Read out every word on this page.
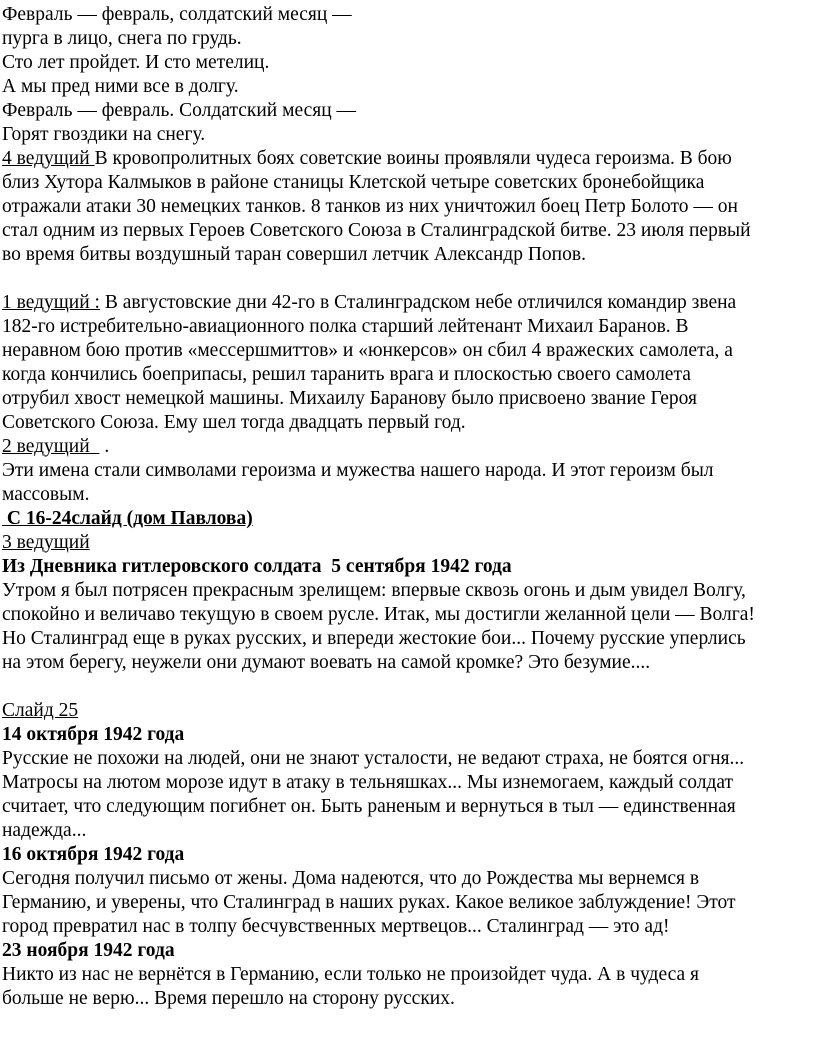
Февраль — февраль, солдатский месяц —
пурга в лицо, снега по грудь.
Сто лет пройдет. И сто метелиц.
А мы пред ними все в долгу.
Февраль — февраль. Солдатский месяц —
Горят гвоздики на снегу.
4 ведущий В кровопролитных боях советские воины проявляли чудеса героизма. В бою
близ Хутора Калмыков в районе станицы Клетской четыре советских бронебойщика
отражали атаки 30 немецких танков. 8 танков из них уничтожил боец Петр Болото — он
стал одним из первых Героев Советского Союза в Сталинградской битве. 23 июля первый
во время битвы воздушный таран совершил летчик Александр Попов.
1 ведущий : В августовские дни 42-го в Сталинградском небе отличился командир звена
182-го истребительно-авиационного полка старший лейтенант Михаил Баранов. В
неравном бою против «мессершмиттов» и «юнкерсов» он сбил 4 вражеских самолета, а
когда кончились боеприпасы, решил таранить врага и плоскостью своего самолета
отрубил хвост немецкой машины. Михаилу Баранову было присвоено звание Героя
Советского Союза. Ему шел тогда двадцать первый год.
2 ведущий   .
Эти имена стали символами героизма и мужества нашего народа. И этот героизм был
массовым.
С 16-24слайд (дом Павлова)
3 ведущий
Из Дневника гитлеровского солдата  5 сентября 1942 года
Утром я был потрясен прекрасным зрелищем: впервые сквозь огонь и дым увидел Волгу,
спокойно и величаво текущую в своем русле. Итак, мы достигли желанной цели — Волга!
Но Сталинград еще в руках русских, и впереди жестокие бои... Почему русские уперлись
на этом берегу, неужели они думают воевать на самой кромке? Это безумие....
Слайд 25
14 октября 1942 года
Русские не похожи на людей, они не знают усталости, не ведают страха, не боятся огня...
Матросы на лютом морозе идут в атаку в тельняшках... Мы изнемогаем, каждый солдат
считает, что следующим погибнет он. Быть раненым и вернуться в тыл — единственная
надежда...
16 октября 1942 года
Сегодня получил письмо от жены. Дома надеются, что до Рождества мы вернемся в
Германию, и уверены, что Сталинград в наших руках. Какое великое заблуждение! Этот
город превратил нас в толпу бесчувственных мертвецов... Сталинград — это ад!
23 ноября 1942 года
Никто из нас не вернётся в Германию, если только не произойдет чуда. А в чудеса я
больше не верю... Время перешло на сторону русских.
